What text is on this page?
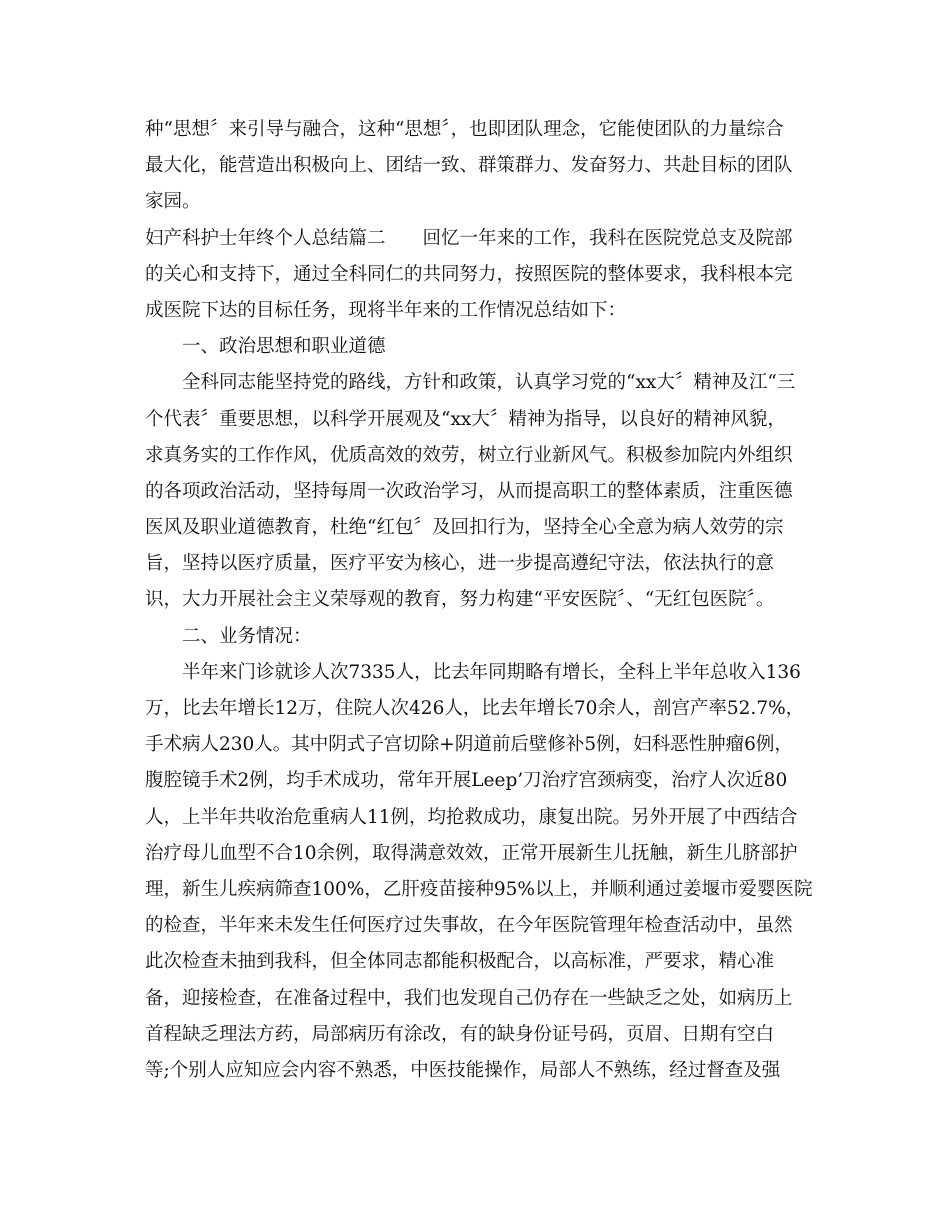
种“思想〞来引导与融合，这种“思想〞，也即团队理念，它能使团队的力量综合
最大化，能营造出积极向上、团结一致、群策群力、发奋努力、共赴目标的团队
家园。
妇产科护士年终个人总结篇二　　回忆一年来的工作，我科在医院党总支及院部
的关心和支持下，通过全科同仁的共同努力，按照医院的整体要求，我科根本完
成医院下达的目标任务，现将半年来的工作情况总结如下：
一、政治思想和职业道德
全科同志能坚持党的路线，方针和政策，认真学习党的“xx大〞精神及江“三
个代表〞重要思想，以科学开展观及“xx大〞精神为指导，以良好的精神风貌，
求真务实的工作作风，优质高效的效劳，树立行业新风气。积极参加院内外组织
的各项政治活动，坚持每周一次政治学习，从而提高职工的整体素质，注重医德
医风及职业道德教育，杜绝“红包〞及回扣行为，坚持全心全意为病人效劳的宗
旨，坚持以医疗质量，医疗平安为核心，进一步提高遵纪守法，依法执行的意
识，大力开展社会主义荣辱观的教育，努力构建“平安医院〞、“无红包医院〞。
二、业务情况：
半年来门诊就诊人次7335人，比去年同期略有增长，全科上半年总收入136
万，比去年增长12万，住院人次426人，比去年增长70余人，剖宫产率52.7%，
手术病人230人。其中阴式子宫切除+阴道前后壁修补5例，妇科恶性肿瘤6例，
腹腔镜手术2例，均手术成功，常年开展Leep’刀治疗宫颈病变，治疗人次近80
人，上半年共收治危重病人11例，均抢救成功，康复出院。另外开展了中西结合
治疗母儿血型不合10余例，取得满意效效，正常开展新生儿抚触，新生儿脐部护
理，新生儿疾病筛查100%，乙肝疫苗接种95%以上，并顺利通过姜堰市爱婴医院
的检查，半年来未发生任何医疗过失事故，在今年医院管理年检查活动中，虽然
此次检查未抽到我科，但全体同志都能积极配合，以高标准，严要求，精心准
备，迎接检查，在准备过程中，我们也发现自己仍存在一些缺乏之处，如病历上
首程缺乏理法方药，局部病历有涂改，有的缺身份证号码，页眉、日期有空白
等;个别人应知应会内容不熟悉，中医技能操作，局部人不熟练，经过督查及强
